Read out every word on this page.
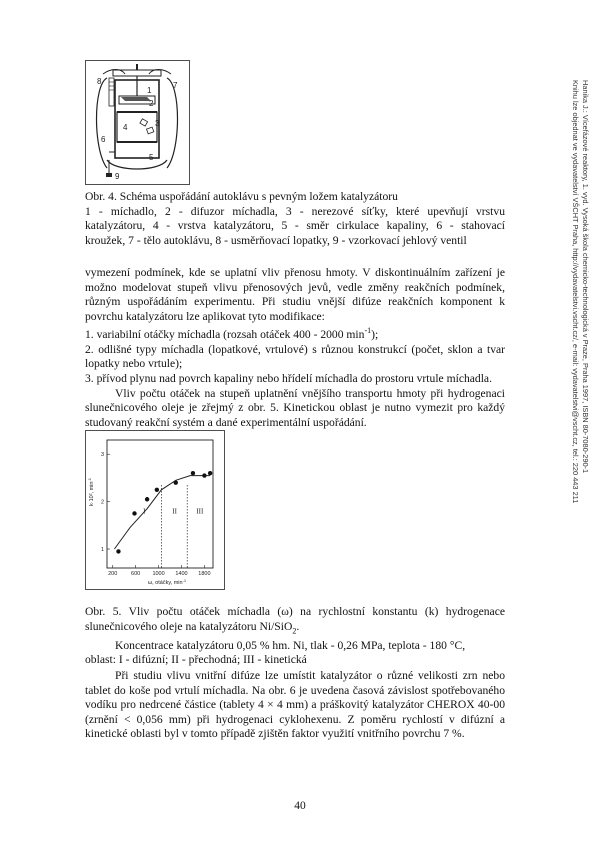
Hanika J.: Vícefázové reaktory, 1. vyd. Vysoká škola chemicko-technologická v Praze, Praha 1997, ISBN 80-7080-290-1
Knihu lze objednat ve vydavatelství VŠCHT Praha, http://vydavatelstvi.vscht.cz/, e-mail: vydavatelstvi@vscht.cz, tel.: 220 443 211
8
1
2
7
4	3
6
5
9
Obr. 4. Schéma uspořádání autoklávu s pevným ložem katalyzátoru
1 - míchadlo, 2 - difuzor míchadla, 3 - nerezové síťky, které upevňují vrstvu
katalyzátoru, 4 - vrstva katalyzátoru, 5 - směr cirkulace kapaliny, 6 - stahovací
kroužek, 7 - tělo autoklávu, 8 - usměrňovací lopatky, 9 - vzorkovací jehlový ventil
vymezení podmínek, kde se uplatní vliv přenosu hmoty. V diskontinuálním zařízení je možno modelovat stupeň vlivu přenosových jevů, vedle změny reakčních podmínek, různým uspořádáním experimentu. Při studiu vnější difúze reakčních komponent k povrchu katalyzátoru lze aplikovat tyto modifikace:
1. variabilní otáčky míchadla (rozsah otáček 400 - 2000 $\min^{-1}$);
2. odlišné typy míchadla (lopatkové, vrtulové) s různou konstrukcí (počet, sklon a tvar lopatky nebo vrtule);
3. přívod plynu nad povrch kapaliny nebo hřídelí míchadla do prostoru vrtule míchadla.
Vliv počtu otáček na stupeň uplatnění vnějšího transportu hmoty při hydrogenaci slunečnicového oleje je zřejmý z obr. 5. Kinetickou oblast je nutno vymezit pro každý studovaný reakční systém a dané experimentální uspořádání.
200 600 1000 1400 1800
1
2
3
I	II	III
k·10², $\min^{-1}$
ω, otáčky, $\min^{-1}$
Obr. 5. Vliv počtu otáček míchadla (ω) na rychlostní konstantu (k) hydrogenace
slunečnicového oleje na katalyzátoru Ni/SiO$_2$.
Koncentrace katalyzátoru 0,05 % hm. Ni, tlak - 0,26 MPa, teplota - 180 °C,
oblast: I - difúzní; II - přechodná; III - kinetická
Při studiu vlivu vnitřní difúze lze umístit katalyzátor o různé velikosti zrn nebo tablet do koše pod vrtulí míchadla. Na obr. 6 je uvedena časová závislost spotřebovaného vodíku pro nedrcené částice (tablety 4 × 4 mm) a práškovitý katalyzátor CHEROX 40-00 (zrnění < 0,056 mm) při hydrogenaci cyklohexenu. Z poměru rychlostí v difúzní a kinetické oblasti byl v tomto případě zjištěn faktor využití vnitřního povrchu 7 %.
40
